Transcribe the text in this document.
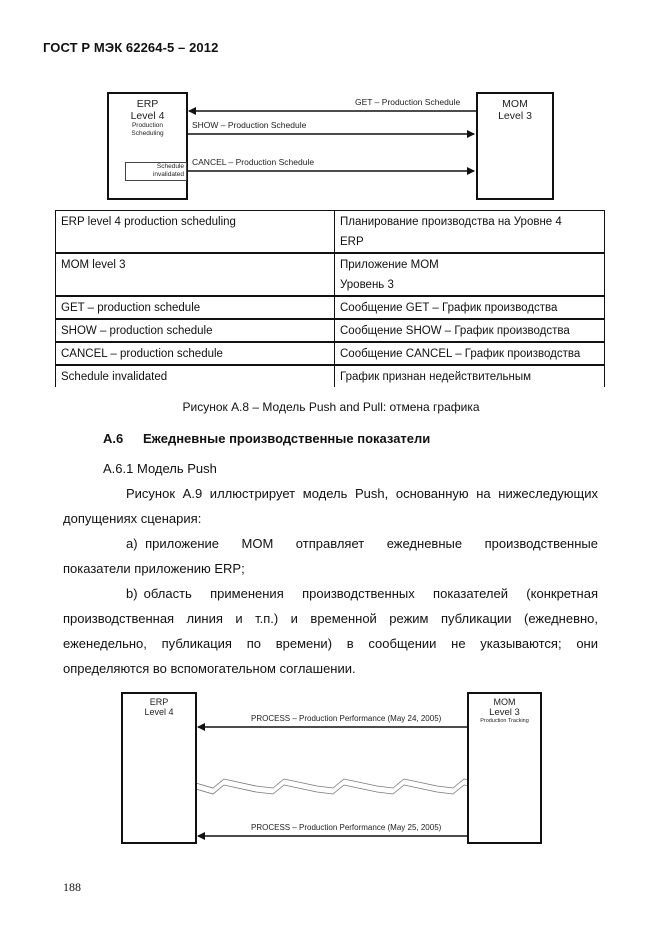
ГОСТ Р МЭК 62264-5 – 2012
ERP
Level 4
Production
Scheduling
Schedule
invalidated
MOM
Level 3
GET – Production Schedule
SHOW – Production Schedule
CANCEL – Production Schedule
ERP level 4 production scheduling	Планирование производства на Уровне 4
ERP

MOM level 3	Приложение МОМ
Уровень 3

GET – production schedule	Сообщение GET – График производства
SHOW – production schedule	Сообщение SHOW – График производства
CANCEL – production schedule	Сообщение CANCEL – График производства
Schedule invalidated	График признан недействительным
Рисунок А.8 – Модель Push and Pull: отмена графика
А.6 Ежедневные производственные показатели
А.6.1 Модель Push
Рисунок А.9 иллюстрирует модель Push, основанную на нижеследующих
допущениях сценария:
a) приложение   МОМ   отправляет   ежедневные   производственные
показатели приложению ERP;
b) область   применения   производственных   показателей   (конкретная
производственная линия и т.п.) и временной режим публикации (ежедневно,
еженедельно, публикация по времени) в сообщении не указываются; они
определяются во вспомогательном соглашении.
ERP
Level 4
MOM
Level 3
Production Tracking
PROCESS – Production Performance (May 24, 2005)
PROCESS – Production Performance (May 25, 2005)
188
